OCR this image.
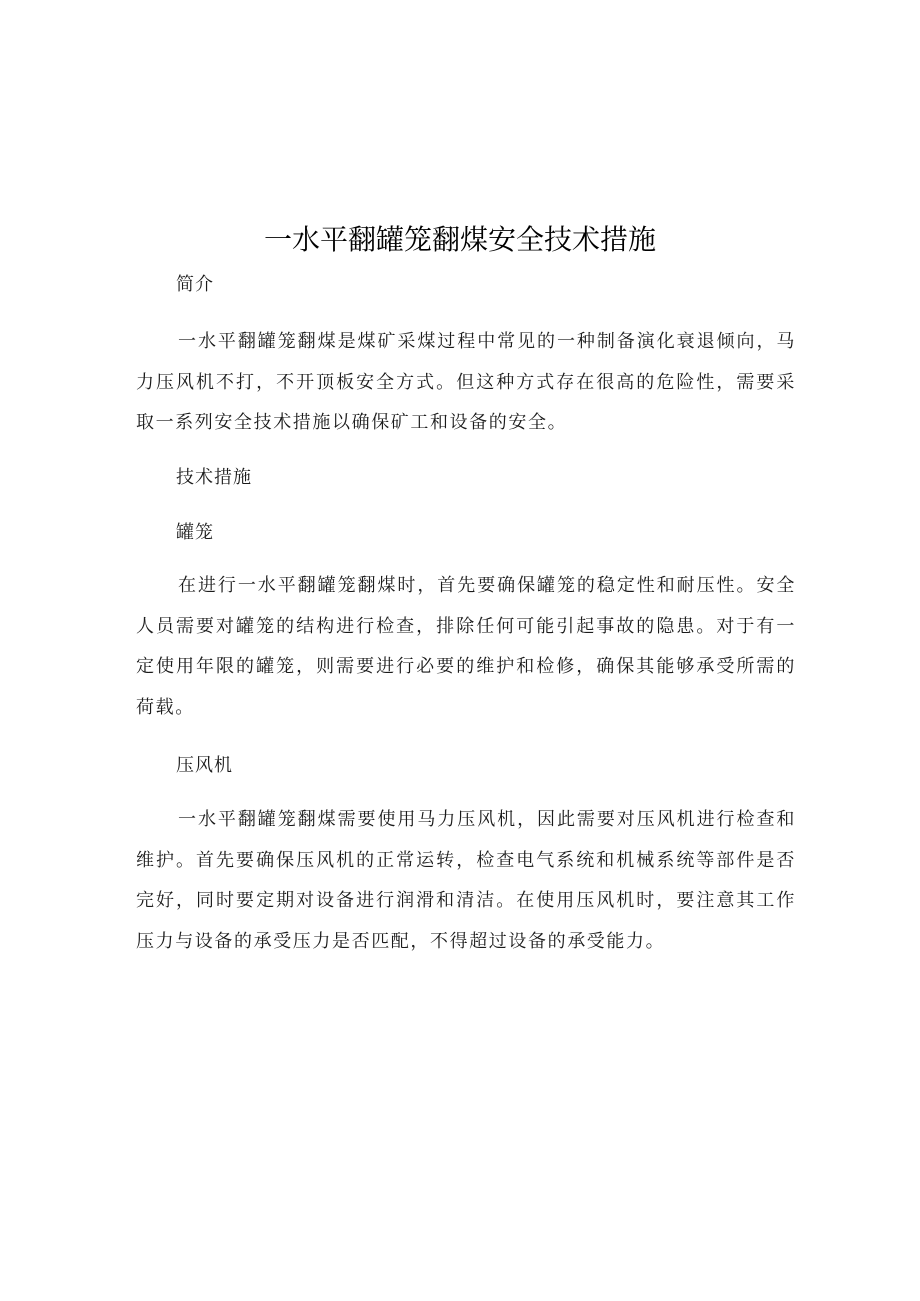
一水平翻罐笼翻煤安全技术措施
简介
一水平翻罐笼翻煤是煤矿采煤过程中常见的一种制备演化衰退倾向，马力压风机不打，不开顶板安全方式。但这种方式存在很高的危险性，需要采取一系列安全技术措施以确保矿工和设备的安全。
技术措施
罐笼
在进行一水平翻罐笼翻煤时，首先要确保罐笼的稳定性和耐压性。安全人员需要对罐笼的结构进行检查，排除任何可能引起事故的隐患。对于有一定使用年限的罐笼，则需要进行必要的维护和检修，确保其能够承受所需的荷载。
压风机
一水平翻罐笼翻煤需要使用马力压风机，因此需要对压风机进行检查和维护。首先要确保压风机的正常运转，检查电气系统和机械系统等部件是否完好，同时要定期对设备进行润滑和清洁。在使用压风机时，要注意其工作压力与设备的承受压力是否匹配，不得超过设备的承受能力。
